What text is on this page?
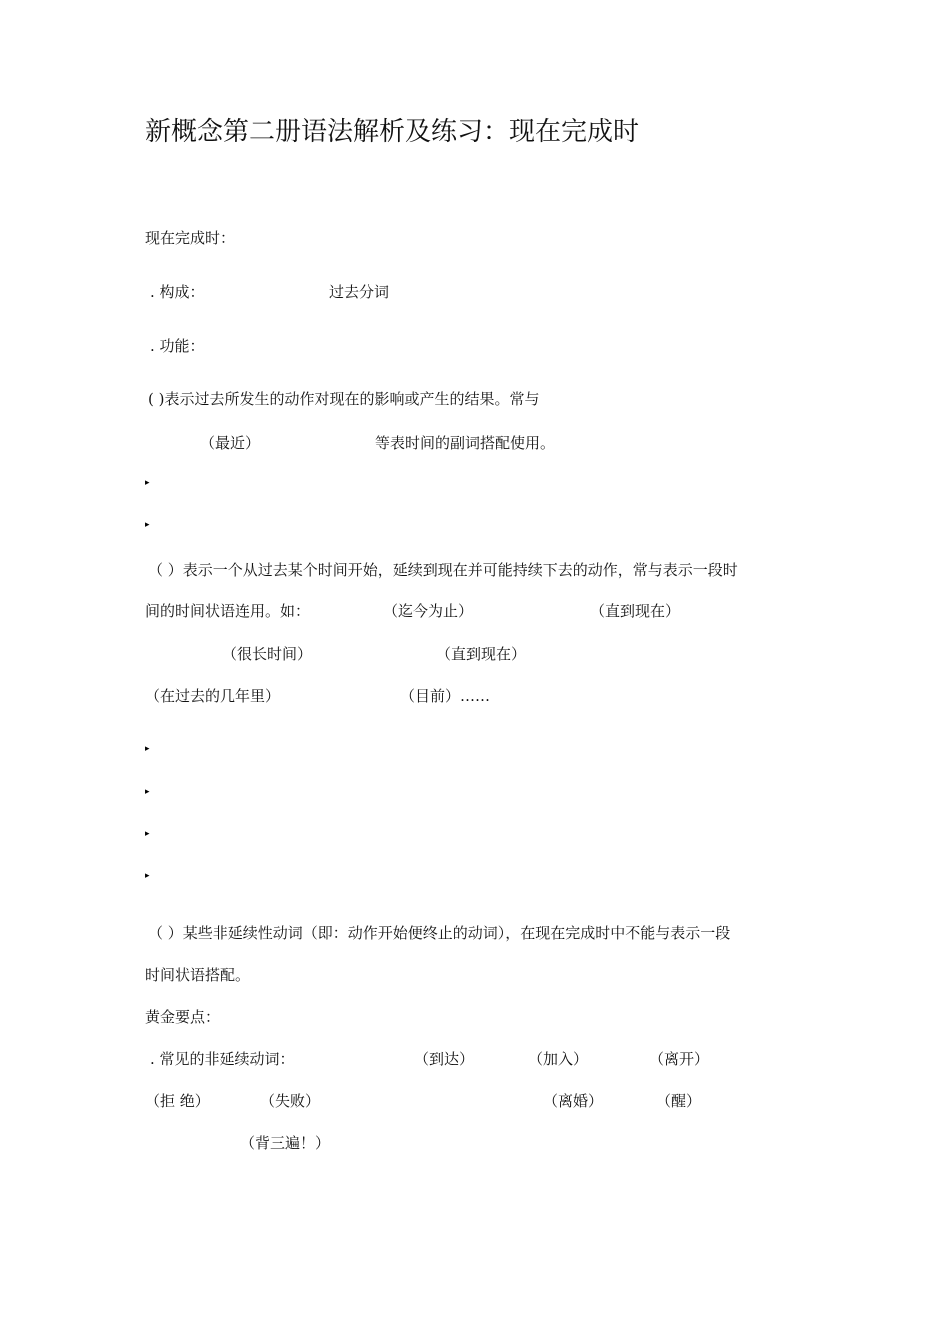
新概念第二册语法解析及练习：现在完成时
现在完成时：
. 构成：	过去分词
. 功能：
( )表示过去所发生的动作对现在的影响或产生的结果。常与
（最近）	等表时间的副词搭配使用。
▸
▸
（ ）表示一个从过去某个时间开始，延续到现在并可能持续下去的动作，常与表示一段时
间的时间状语连用。如：	（迄今为止）	（直到现在）
（很长时间）	（直到现在）
（在过去的几年里）	（目前）……
▸
▸
▸
▸
（ ）某些非延续性动词（即：动作开始便终止的动词），在现在完成时中不能与表示一段
时间状语搭配。
黄金要点：
. 常见的非延续动词：	（到达）	（加入）	（离开）
（拒 绝）	（失败）	（离婚）	（醒）
（背三遍！）
